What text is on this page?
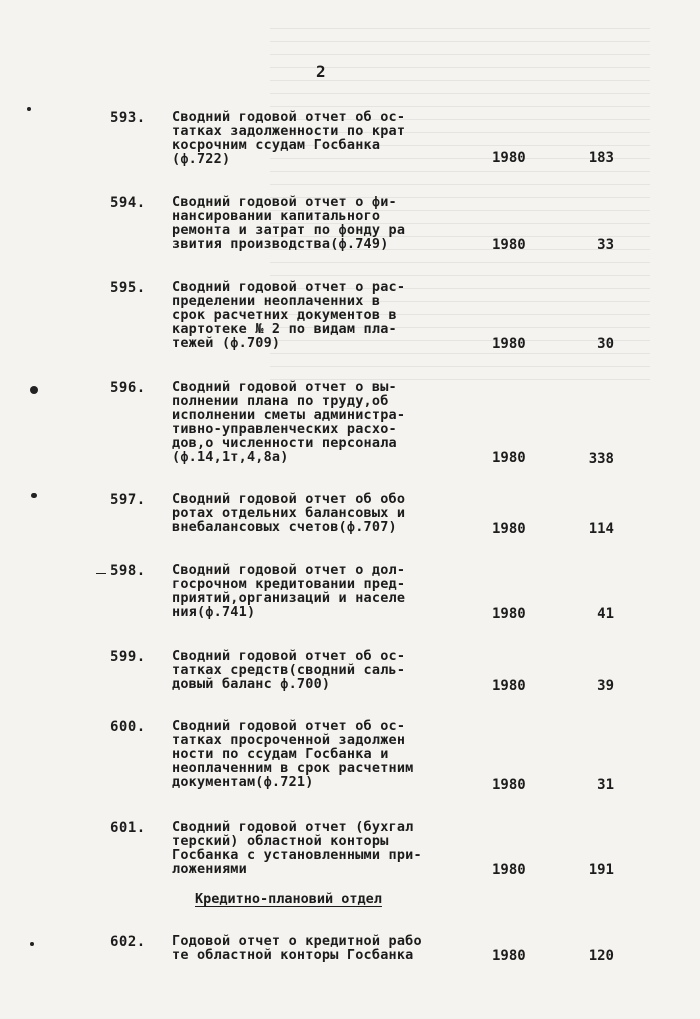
2
593. Сводний годовой отчет об ос-
татках задолженности по крат
косрочним ссудам Госбанка
(ф.722)	1980	183
594. Сводний годовой отчет о фи-
нансировании капитального
ремонта и затрат по фонду ра
звития производства(ф.749)	1980	33
595. Сводний годовой отчет о рас-
пределении неоплаченних в
срок расчетних документов в
картотеке № 2 по видам пла-
тежей (ф.709)	1980	30
596. Сводний годовой отчет о вы-
полнении плана по труду,об
исполнении сметы администра-
тивно-управленческих расхо-
дов,о численности персонала
(ф.14,1т,4,8а)	1980	338
597. Сводний годовой отчет об обо
ротах отдельних балансовых и
внебалансовых счетов(ф.707)	1980	114
598. Сводний годовой отчет о дол-
госрочном кредитовании пред-
приятий,организаций и населе
ния(ф.741)	1980	41
599. Сводний годовой отчет об ос-
татках средств(сводний саль-
довый баланс ф.700)	1980	39
600. Сводний годовой отчет об ос-
татках просроченной задолжен
ности по ссудам Госбанка и
неоплаченним в срок расчетним
документам(ф.721)	1980	31
601. Сводний годовой отчет (бухгал
терский) областной конторы
Госбанка с установленными при-
ложениями	1980	191
Кредитно-плановий отдел
602. Годовой отчет о кредитной рабо
те областной конторы Госбанка	1980	120
